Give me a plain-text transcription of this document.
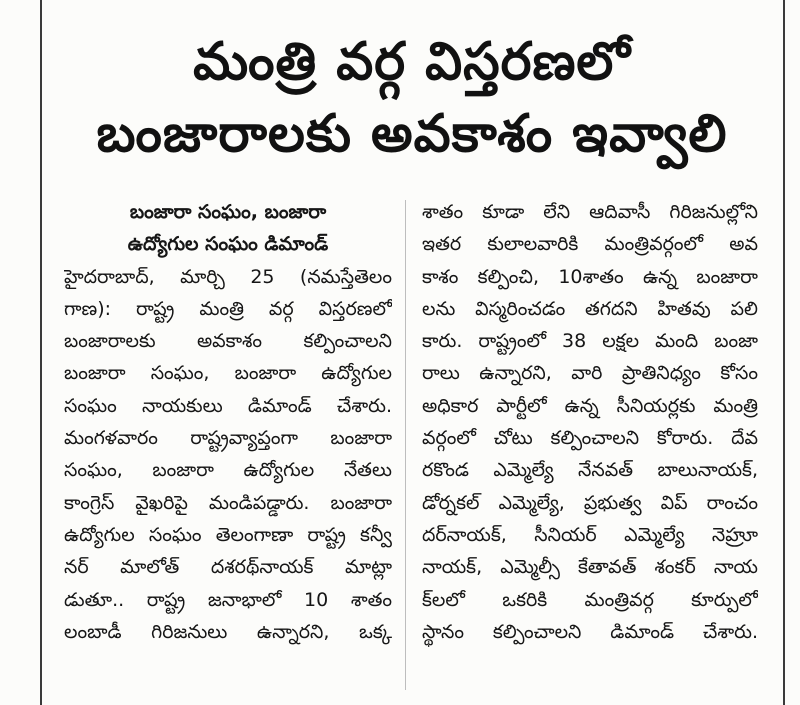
మంత్రి వర్గ విస్తరణలో
బంజారాలకు అవకాశం ఇవ్వాలి
బంజారా సంఘం, బంజారా
ఉద్యోగుల సంఘం డిమాండ్
హైదరాబాద్, మార్చి 25 (నమస్తేతెలం
గాణ): రాష్ట్ర మంత్రి వర్గ విస్తరణలో
బంజారాలకు అవకాశం కల్పించాలని
బంజారా సంఘం, బంజారా ఉద్యోగుల
సంఘం నాయకులు డిమాండ్ చేశారు.
మంగళవారం రాష్ట్రవ్యాప్తంగా బంజారా
సంఘం, బంజారా ఉద్యోగుల నేతలు
కాంగ్రెస్ వైఖరిపై మండిపడ్డారు. బంజారా
ఉద్యోగుల సంఘం తెలంగాణా రాష్ట్ర కన్వీ
నర్ మాలోత్ దశరథ్‌నాయక్ మాట్లా
డుతూ.. రాష్ట్ర జనాభాలో 10 శాతం
లంబాడీ గిరిజనులు ఉన్నారని, ఒక్క
శాతం కూడా లేని ఆదివాసీ గిరిజనుల్లోని
ఇతర కులాలవారికి మంత్రివర్గంలో అవ
కాశం కల్పించి, 10శాతం ఉన్న బంజారా
లను విస్మరించడం తగదని హితవు పలి
కారు. రాష్ట్రంలో 38 లక్షల మంది బంజా
రాలు ఉన్నారని, వారి ప్రాతినిధ్యం కోసం
అధికార పార్టీలో ఉన్న సీనియర్లకు మంత్రి
వర్గంలో చోటు కల్పించాలని కోరారు. దేవ
రకొండ ఎమ్మెల్యే నేనవత్ బాలునాయక్,
డోర్నకల్ ఎమ్మెల్యే, ప్రభుత్వ విప్ రాంచం
దర్‌నాయక్, సీనియర్ ఎమ్మెల్యే నెహ్రూ
నాయక్, ఎమ్మెల్సీ కేతావత్ శంకర్ నాయ
క్‌లలో ఒకరికి మంత్రివర్గ కూర్పులో
స్థానం కల్పించాలని డిమాండ్ చేశారు.
